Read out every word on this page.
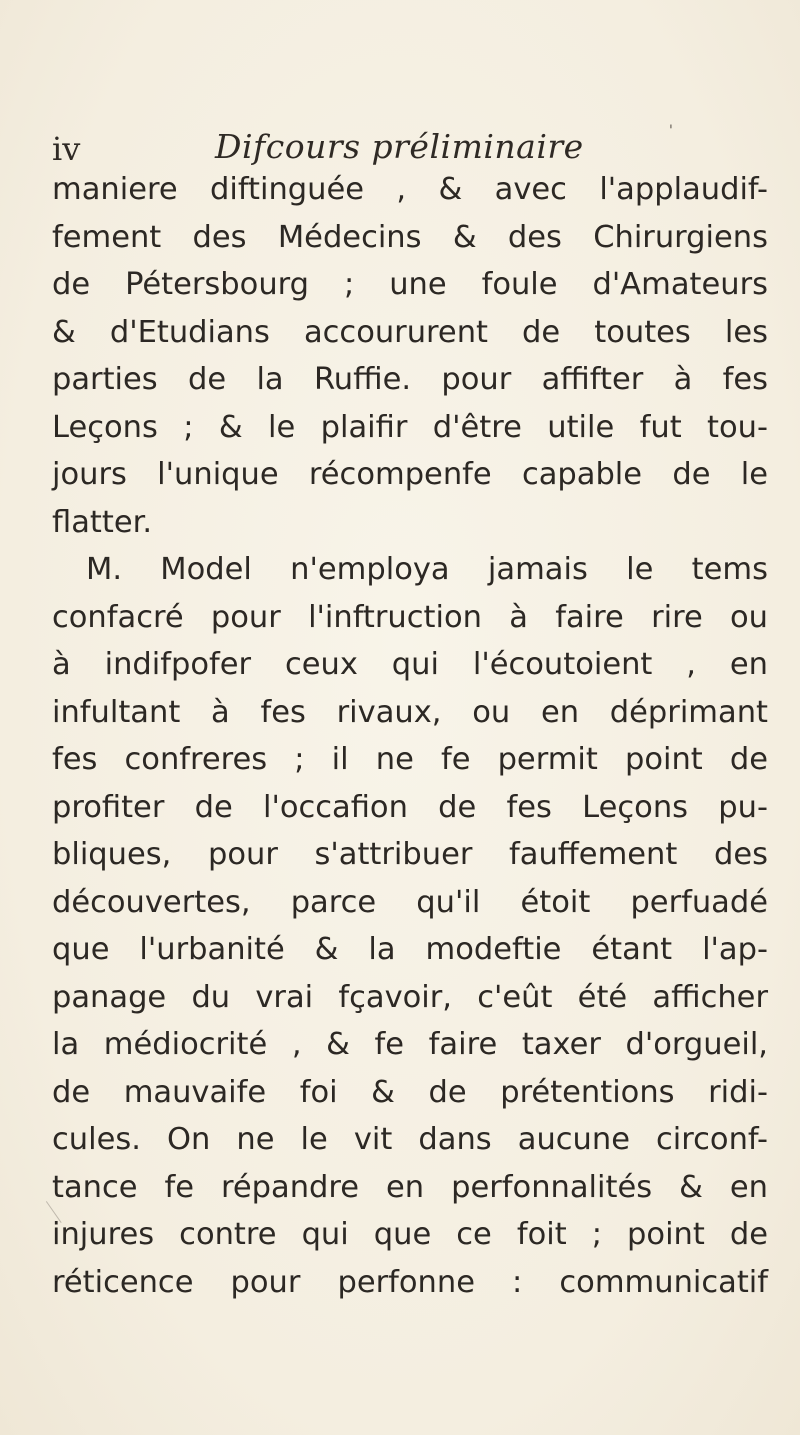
iv	Difcours préliminaire	'
maniere diftinguée , & avec l'applaudif-
fement des Médecins & des Chirurgiens
de Pétersbourg ; une foule d'Amateurs
& d'Etudians accoururent de toutes les
parties de la Ruffie. pour affifter à fes
Leçons ; & le plaifir d'être utile fut tou-
jours l'unique récompenfe capable de le
flatter.
M. Model n'employa jamais le tems
confacré pour l'inftruction à faire rire ou
à indifpofer ceux qui l'écoutoient , en
infultant à fes rivaux, ou en déprimant
fes confreres ; il ne fe permit point de
profiter de l'occafion de fes Leçons pu-
bliques, pour s'attribuer fauffement des
découvertes, parce qu'il étoit perfuadé
que l'urbanité & la modeftie étant l'ap-
panage du vrai fçavoir, c'eût été afficher
la médiocrité , & fe faire taxer d'orgueil,
de mauvaife foi & de prétentions ridi-
cules. On ne le vit dans aucune circonf-
tance fe répandre en perfonnalités & en
injures contre qui que ce foit ; point de
réticence pour perfonne : communicatif
